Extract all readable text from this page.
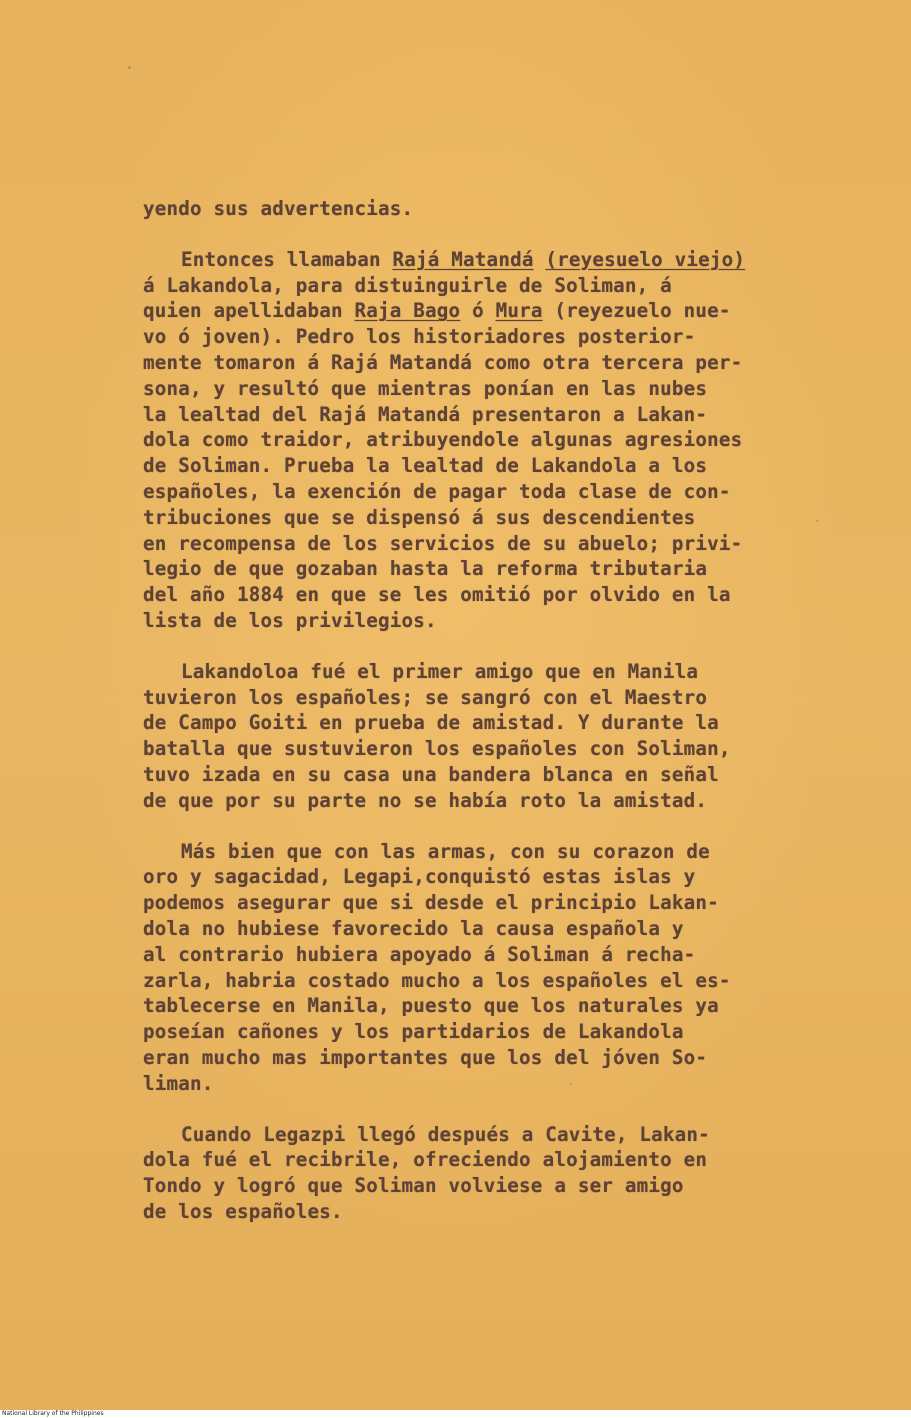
yendo sus advertencias.
Entonces llamaban Rajá Matandá (reyesuelo viejo)
á Lakandola, para distuinguirle de Soliman, á
quien apellidaban Raja Bago ó Mura (reyezuelo nue-
vo ó joven). Pedro los historiadores posterior-
mente tomaron á Rajá Matandá como otra tercera per-
sona, y resultó que mientras ponían en las nubes
la lealtad del Rajá Matandá presentaron a Lakan-
dola como traidor, atribuyendole algunas agresiones
de Soliman. Prueba la lealtad de Lakandola a los
españoles, la exención de pagar toda clase de con-
tribuciones que se dispensó á sus descendientes
en recompensa de los servicios de su abuelo; privi-
legio de que gozaban hasta la reforma tributaria
del año 1884 en que se les omitió por olvido en la
lista de los privilegios.
Lakandoloa fué el primer amigo que en Manila
tuvieron los españoles; se sangró con el Maestro
de Campo Goiti en prueba de amistad. Y durante la
batalla que sustuvieron los españoles con Soliman,
tuvo izada en su casa una bandera blanca en señal
de que por su parte no se había roto la amistad.
Más bien que con las armas, con su corazon de
oro y sagacidad, Legapi,conquistó estas islas y
podemos asegurar que si desde el principio Lakan-
dola no hubiese favorecido la causa española y
al contrario hubiera apoyado á Soliman á recha-
zarla, habria costado mucho a los españoles el es-
tablecerse en Manila, puesto que los naturales ya
poseían cañones y los partidarios de Lakandola
eran mucho mas importantes que los del jóven So-
liman.
Cuando Legazpi llegó después a Cavite, Lakan-
dola fué el recibrile, ofreciendo alojamiento en
Tondo y logró que Soliman volviese a ser amigo
de los españoles.
National Library of the Philippines
